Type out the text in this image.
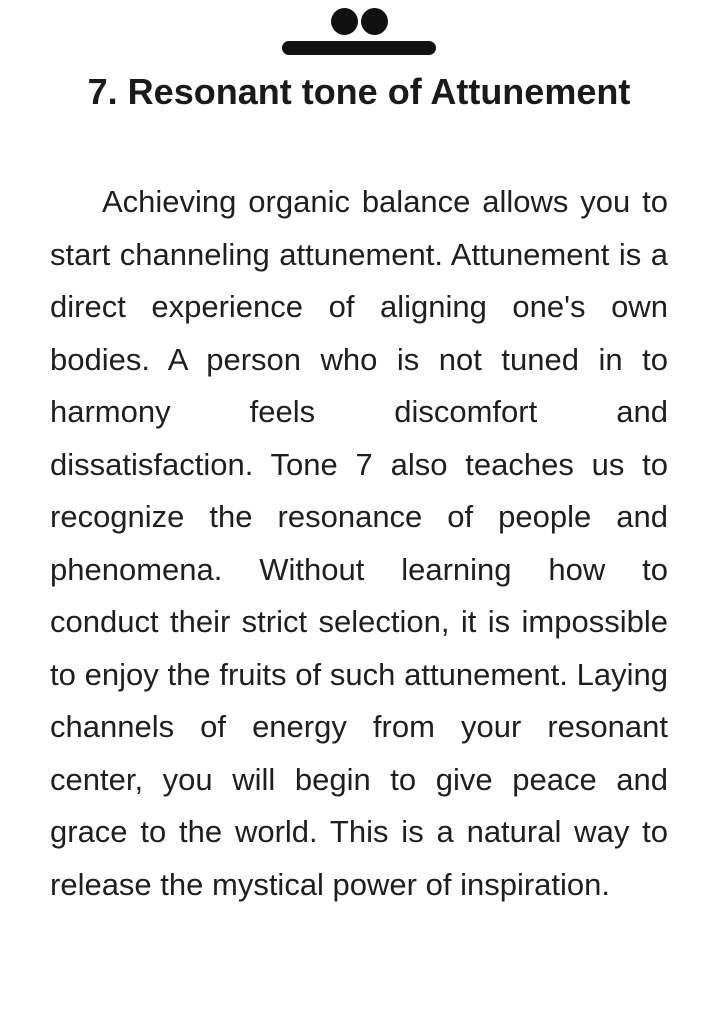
7. Resonant tone of Attunement

Achieving organic balance allows you to start channeling attunement. Attunement is a direct experience of aligning one's own bodies. A person who is not tuned in to harmony feels discomfort and dissatisfaction. Tone 7 also teaches us to recognize the resonance of people and phenomena. Without learning how to conduct their strict selection, it is impossible to enjoy the fruits of such attunement. Laying channels of energy from your resonant center, you will begin to give peace and grace to the world. This is a natural way to release the mystical power of inspiration.
